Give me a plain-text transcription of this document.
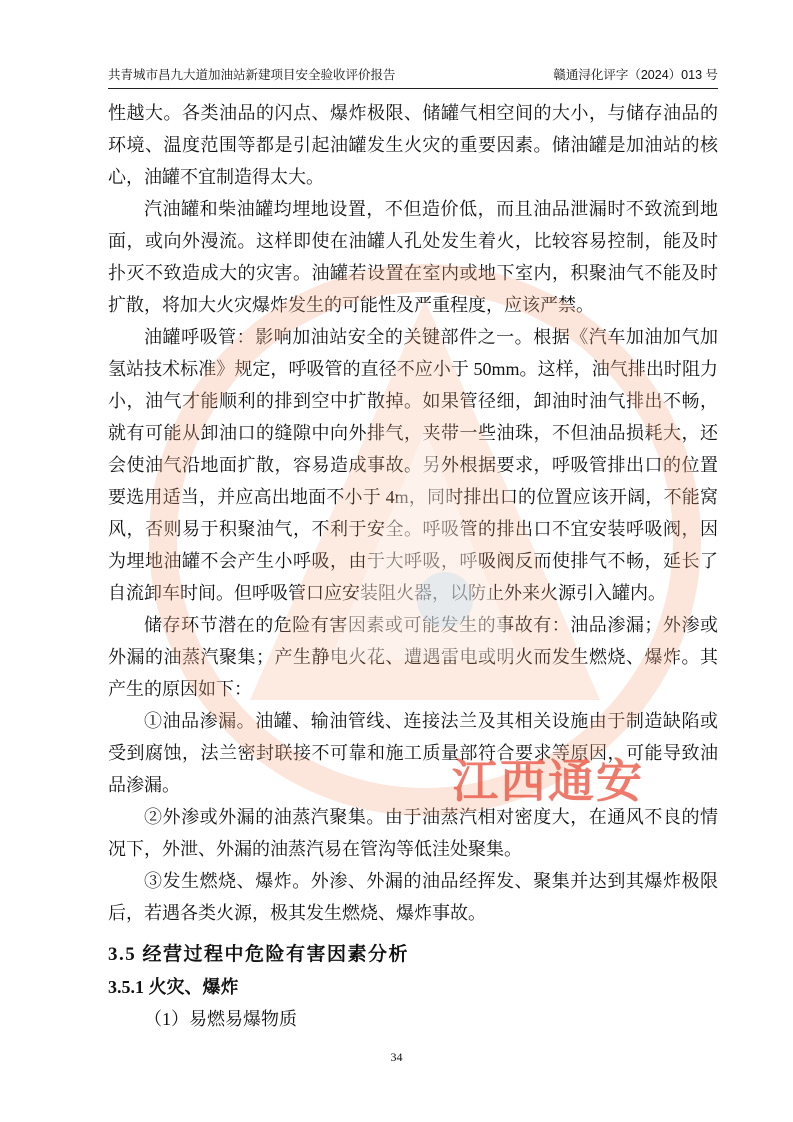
共青城市昌九大道加油站新建项目安全验收评价报告	赣通浔化评字（2024）013 号

性越大。各类油品的闪点、爆炸极限、储罐气相空间的大小，与储存油品的环境、温度范围等都是引起油罐发生火灾的重要因素。储油罐是加油站的核心，油罐不宜制造得太大。

汽油罐和柴油罐均埋地设置，不但造价低，而且油品泄漏时不致流到地面，或向外漫流。这样即使在油罐人孔处发生着火，比较容易控制，能及时扑灭不致造成大的灾害。油罐若设置在室内或地下室内，积聚油气不能及时扩散，将加大火灾爆炸发生的可能性及严重程度，应该严禁。

油罐呼吸管：影响加油站安全的关键部件之一。根据《汽车加油加气加氢站技术标准》规定，呼吸管的直径不应小于 50mm。这样，油气排出时阻力小，油气才能顺利的排到空中扩散掉。如果管径细，卸油时油气排出不畅，就有可能从卸油口的缝隙中向外排气，夹带一些油珠，不但油品损耗大，还会使油气沿地面扩散，容易造成事故。另外根据要求，呼吸管排出口的位置要选用适当，并应高出地面不小于 4m，同时排出口的位置应该开阔，不能窝风，否则易于积聚油气，不利于安全。呼吸管的排出口不宜安装呼吸阀，因为埋地油罐不会产生小呼吸，由于大呼吸，呼吸阀反而使排气不畅，延长了自流卸车时间。但呼吸管口应安装阻火器，以防止外来火源引入罐内。

储存环节潜在的危险有害因素或可能发生的事故有：油品渗漏；外渗或外漏的油蒸汽聚集；产生静电火花、遭遇雷电或明火而发生燃烧、爆炸。其产生的原因如下：

①油品渗漏。油罐、输油管线、连接法兰及其相关设施由于制造缺陷或受到腐蚀，法兰密封联接不可靠和施工质量部符合要求等原因，可能导致油品渗漏。

②外渗或外漏的油蒸汽聚集。由于油蒸汽相对密度大，在通风不良的情况下，外泄、外漏的油蒸汽易在管沟等低洼处聚集。

③发生燃烧、爆炸。外渗、外漏的油品经挥发、聚集并达到其爆炸极限后，若遇各类火源，极其发生燃烧、爆炸事故。

3.5 经营过程中危险有害因素分析
3.5.1 火灾、爆炸

（1）易燃易爆物质

34
江西通安
